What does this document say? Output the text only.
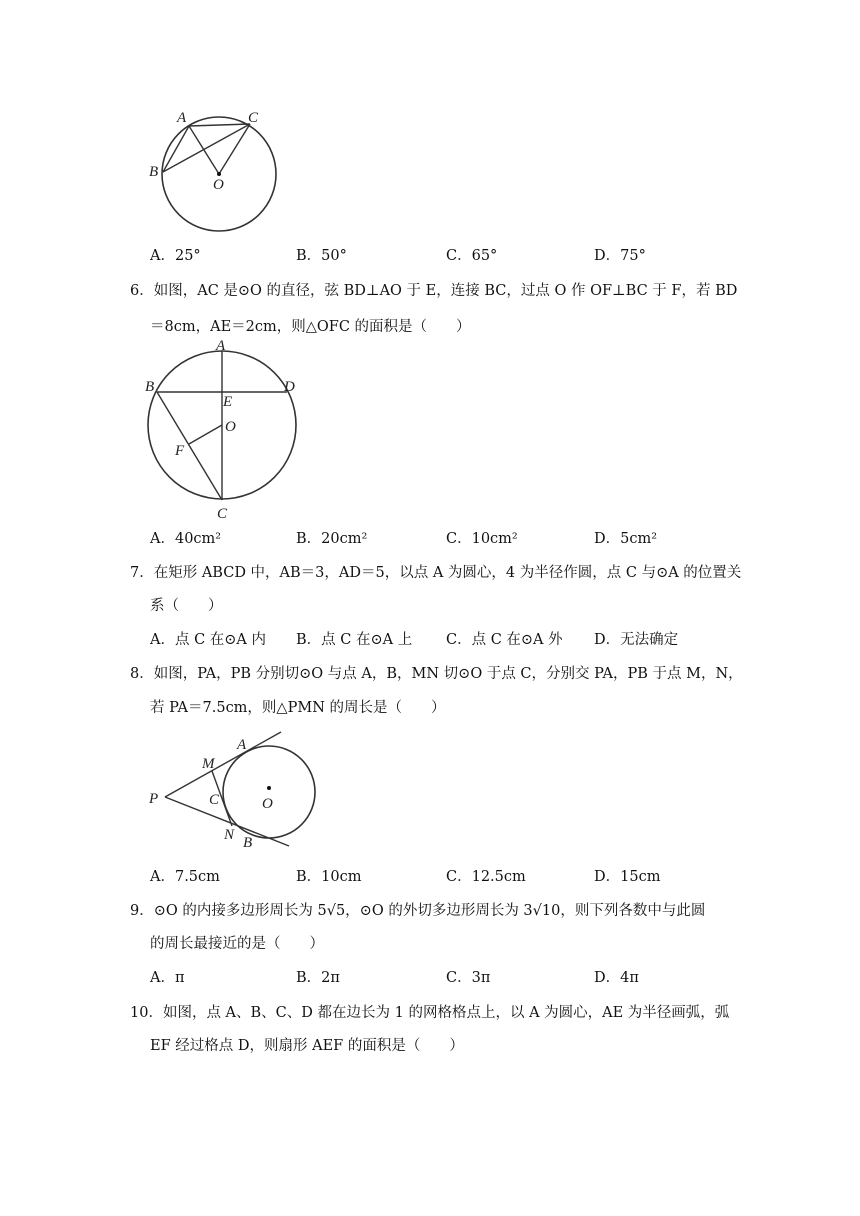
A	C
B
O
A．25°	B．50°	C．65°	D．75°
6．如图，AC 是⊙O 的直径，弦 BD⊥AO 于 E，连接 BC，过点 O 作 OF⊥BC 于 F，若 BD
＝8cm，AE＝2cm，则△OFC 的面积是（　　）
A
B	D
E
O
F
C
A．40cm²	B．20cm²	C．10cm²	D．5cm²
7．在矩形 ABCD 中，AB＝3，AD＝5，以点 A 为圆心，4 为半径作圆，点 C 与⊙A 的位置关
系（　　）
A．点 C 在⊙A 内 B．点 C 在⊙A 上 C．点 C 在⊙A 外 D．无法确定
8．如图，PA，PB 分别切⊙O 与点 A，B，MN 切⊙O 于点 C，分别交 PA，PB 于点 M，N，
若 PA＝7.5cm，则△PMN 的周长是（　　）
P
M
A
C	O
N B
A．7.5cm	B．10cm	C．12.5cm	D．15cm
9．⊙O 的内接多边形周长为 5√5，⊙O 的外切多边形周长为 3√10，则下列各数中与此圆
的周长最接近的是（　　）
A．π	B．2π	C．3π	D．4π
10．如图，点 A、B、C、D 都在边长为 1 的网格格点上，以 A 为圆心，AE 为半径画弧，弧
EF 经过格点 D，则扇形 AEF 的面积是（　　）
